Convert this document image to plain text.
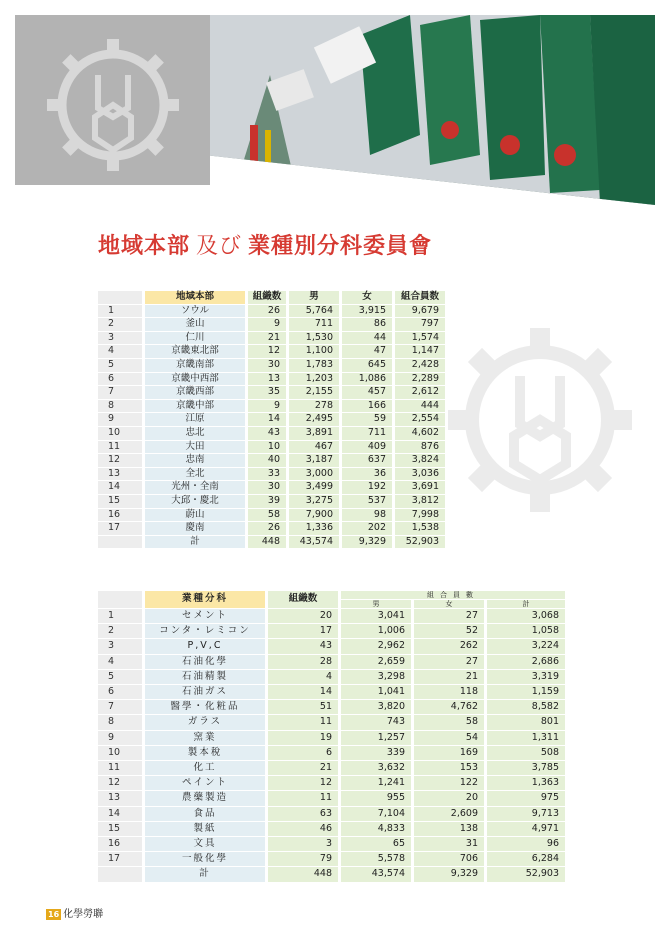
地域本部 及び 業種別分科委員會
	地域本部	組織数	男	女	組合員数
1	ソウル	26	5,764	3,915	9,679
2	釜山	9	711	86	797
3	仁川	21	1,530	44	1,574
4	京畿東北部	12	1,100	47	1,147
5	京畿南部	30	1,783	645	2,428
6	京畿中西部	13	1,203	1,086	2,289
7	京畿西部	35	2,155	457	2,612
8	京畿中部	9	278	166	444
9	江原	14	2,495	59	2,554
10	忠北	43	3,891	711	4,602
11	大田	10	467	409	876
12	忠南	40	3,187	637	3,824
13	全北	33	3,000	36	3,036
14	光州・全南	30	3,499	192	3,691
15	大邱・慶北	39	3,275	537	3,812
16	蔚山	58	7,900	98	7,998
17	慶南	26	1,336	202	1,538
	計	448	43,574	9,329	52,903
	業種分科	組織数	組合員數		
			男	女	計
1	セメント	20	3,041	27	3,068
2	コンタ・レミコン	17	1,006	52	1,058
3	P,V,C	43	2,962	262	3,224
4	石油化學	28	2,659	27	2,686
5	石油精製	4	3,298	21	3,319
6	石油ガス	14	1,041	118	1,159
7	醫學・化粧品	51	3,820	4,762	8,582
8	ガラス	11	743	58	801
9	窯業	19	1,257	54	1,311
10	製本稅	6	339	169	508
11	化工	21	3,632	153	3,785
12	ペイント	12	1,241	122	1,363
13	農藥製造	11	955	20	975
14	食品	63	7,104	2,609	9,713
15	製紙	46	4,833	138	4,971
16	文具	3	65	31	96
17	一般化學	79	5,578	706	6,284
	計	448	43,574	9,329	52,903
16 化學勞聯
